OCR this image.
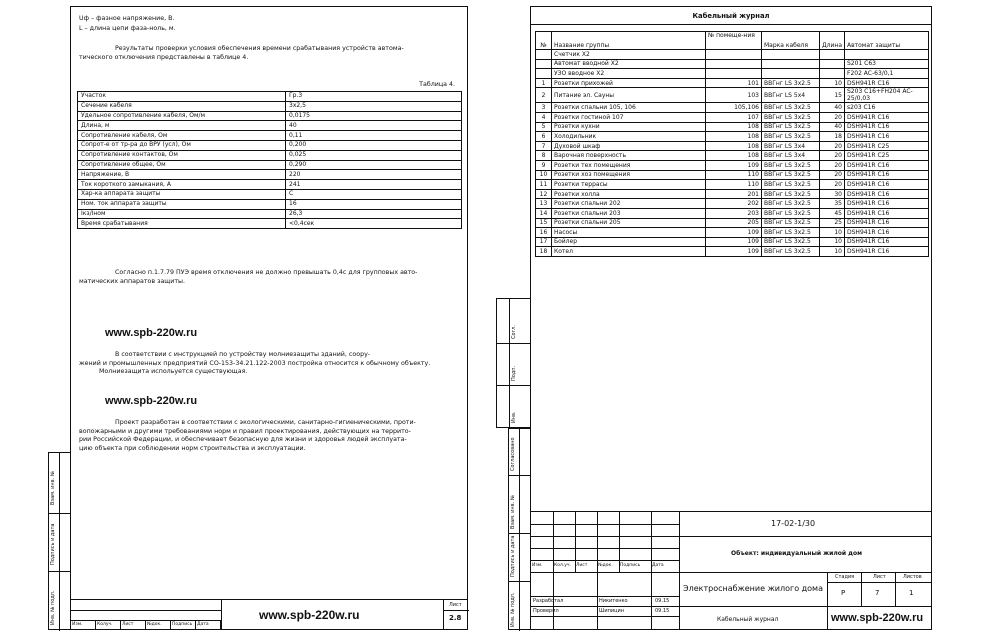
Взам. инв. №
Подпись и дата
Инв. № подл.
Uф – фазное напряжение, В.
L – длина цепи фаза-ноль, м.

Результаты проверки условия обеспечения времени срабатывания устройств автома-

тического отключения представлены в таблице 4.

Таблица 4.
Участок	Гр.3
Сечение кабеля	3х2,5
Удельное сопротивление кабеля, Ом/м	0,0175
Длина, м	40
Сопротивление кабеля, Ом	0,11
Сопрот-е от тр-ра до ВРУ (усл), Ом	0,200
Сопротивление контактов, Ом	0,025
Сопротивление общее, Ом	0,290
Напряжение, В	220
Ток короткого замыкания, А	241
Хар-ка аппарата защиты	C
Ном. ток аппарата защиты	16
Iкз/Iном	26,3
Время срабатывания	<0,4сек

Согласно п.1.7.79 ПУЭ время отключения не должно превышать 0,4с для групповых авто-

матических аппаратов защиты.

www.spb-220w.ru

В соответствии с инструкцией по устройству молниезащиты зданий, соору-

жений и промышленных предприятий СО-153-34.21.122-2003 постройка относится к обычному объекту.

Молниезащита испольуется существующая.

www.spb-220w.ru

Проект разработан в соответствии с экологическими, санитарно-гигиеническими, проти-

вопожарными и другими требованиями норм и правил проектирования, действующих на террито-

рии Российской Федерации, и обеспечивает безопасную для жизни и здоровья людей эксплуата-

цию объекта при соблюдении норм строительства и эксплуатации.

Изм.	Колуч.	Лист	№док.	Подпись	Дата
www.spb-220w.ru
Лист
2.8
Согл.
Подп.
Инв.
Согласовано
Взам. инв. №
Подпись и дата
Инв. № подл.
Кабельный журнал
№	Название группы	№ помеще-ния	Марка кабеля	Длина	Автомат защиты
	Счетчик X2				
	Автомат вводной X2				S201 C63
	УЗО вводное X2				F202 AC-63/0,1
1	Розетки прихожей	101	ВВГнг LS 3х2.5	10	DSH941R C16
2	Питание эл. Сауны	103	ВВГнг LS 5х4	15	S203 C16+FH204 AC-25/0,03
3	Розетки спальни 105, 106	105,106	ВВГнг LS 3х2.5	40	s203 C16
4	Розетки гостиной 107	107	ВВГнг LS 3х2.5	20	DSH941R C16
5	Розетки кухни	108	ВВГнг LS 3х2.5	40	DSH941R C16
6	Холодильник	108	ВВГнг LS 3х2.5	18	DSH941R C16
7	Духовой шкаф	108	ВВГнг LS 3х4	20	DSH941R C25
8	Варочная поверхность	108	ВВГнг LS 3х4	20	DSH941R C25
9	Розетки тех помещения	109	ВВГнг LS 3х2.5	20	DSH941R C16
10	Розетки хоз помещения	110	ВВГнг LS 3х2.5	20	DSH941R C16
11	Розетки террасы	110	ВВГнг LS 3х2.5	20	DSH941R C16
12	Розетки холла	201	ВВГнг LS 3х2.5	30	DSH941R C16
13	Розетки спальни 202	202	ВВГнг LS 3х2.5	35	DSH941R C16
14	Розетки спальни 203	203	ВВГнг LS 3х2.5	45	DSH941R C16
15	Розетки спальни 205	205	ВВГнг LS 3х2.5	25	DSH941R C16
16	Насосы	109	ВВГнг LS 3х2.5	10	DSH941R C16
17	Бойлер	109	ВВГнг LS 3х2.5	10	DSH941R C16
18	Котел	109	ВВГнг LS 3х2.5	10	DSH941R C16
Изм.	Кол.уч.	Лист	№док.	Подпись	Дата
Разработал	Никитенко	09.15
Проверил	Шипицин	09.15
17-02-1/30
Объект: индивидуальный жилой дом
Электроснабжение жилого дома
Стадия	Лист	Листов
Р	7	1
Кабельный журнал	www.spb-220w.ru
